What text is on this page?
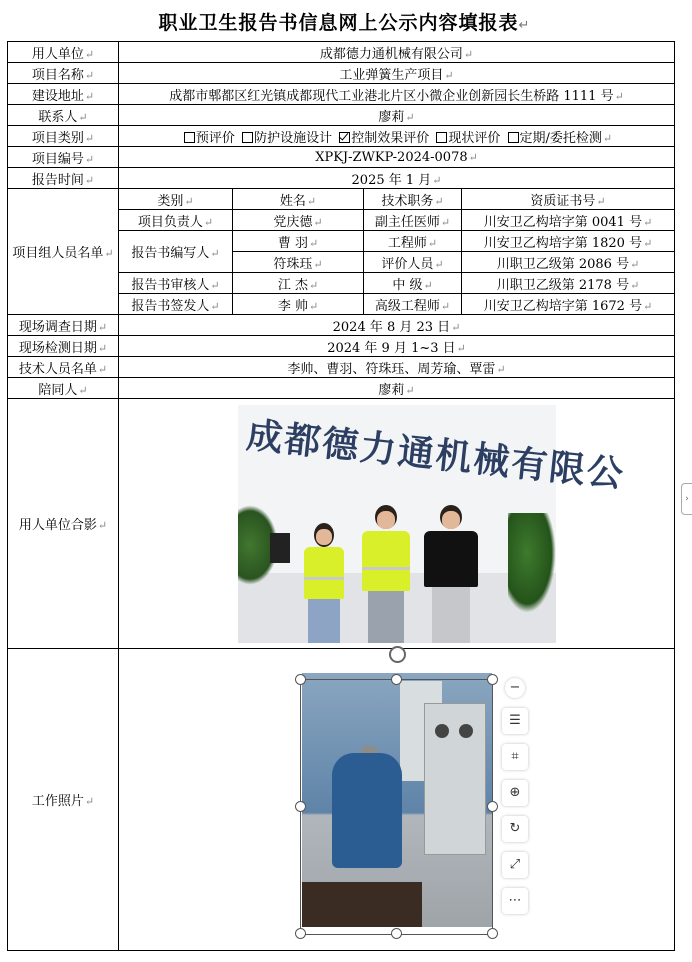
职业卫生报告书信息网上公示内容填报表↵
用人单位↵	成都德力通机械有限公司↵			
项目名称↵	工业弹簧生产项目↵			
建设地址↵	成都市郫都区红光镇成都现代工业港北片区小微企业创新园长生桥路 1111 号↵			
联系人↵	廖莉↵			
项目类别↵	预评价 防护设施设计 控制效果评价 现状评价 定期/委托检测↵			
项目编号↵	XPKJ-ZWKP-2024-0078↵			
报告时间↵	2025 年 1 月↵			
项目组人员名单↵	类别↵	姓名↵	技术职务↵	资质证书号↵
	项目负责人↵	党庆德↵	副主任医师↵	川安卫乙构培字第 0041 号↵
	报告书编写人↵	曹 羽↵	工程师↵	川安卫乙构培字第 1820 号↵
		符珠珏↵	评价人员↵	川职卫乙级第 2086 号↵
	报告书审核人↵	江 杰↵	中 级↵	川职卫乙级第 2178 号↵
	报告书签发人↵	李 帅↵	高级工程师↵	川安卫乙构培字第 1672 号↵
现场调查日期↵	2024 年 8 月 23 日↵			
现场检测日期↵	2024 年 9 月 1~3 日↵			
技术人员名单↵	李帅、曹羽、符珠珏、周芳瑜、覃雷↵			
陪同人↵	廖莉↵			
用人单位合影↵	成都德力通机械有限公			

工作照片↵				
−
☰
⌗
⊕
↻
⤢
⋯
›
